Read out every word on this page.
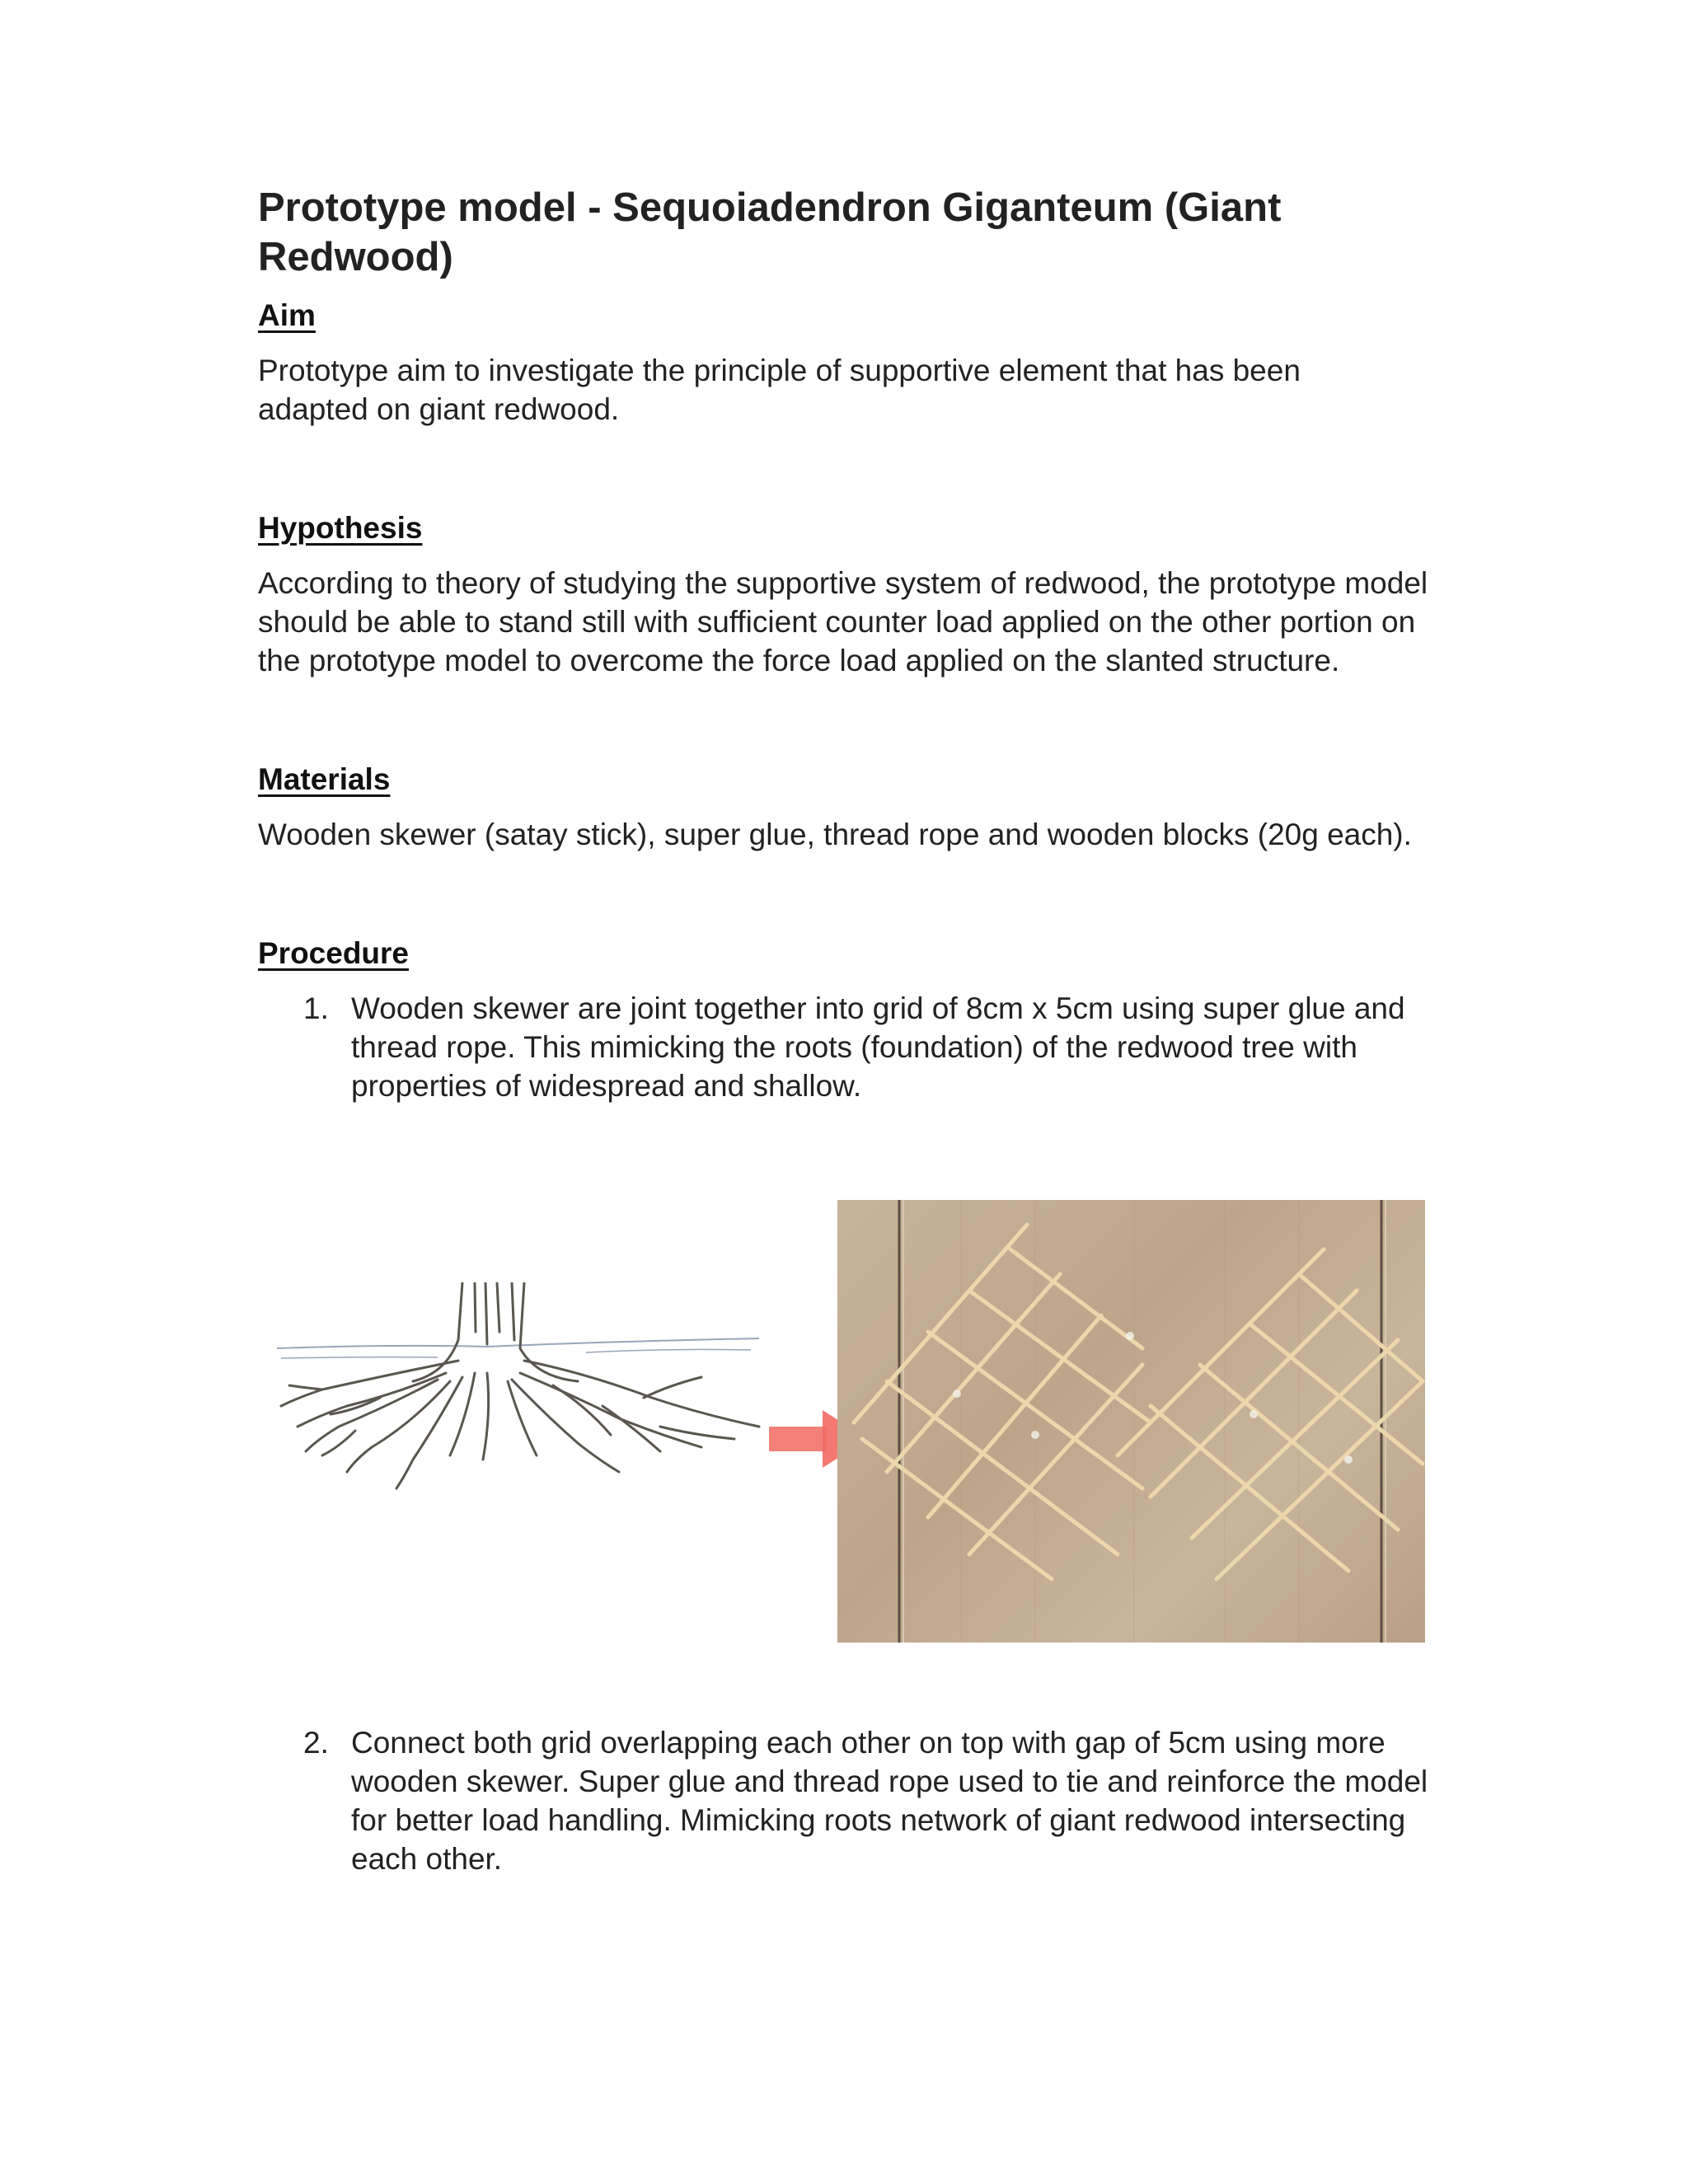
Prototype model - Sequoiadendron Giganteum (Giant Redwood)

Aim

Prototype aim to investigate the principle of supportive element that has been adapted on giant redwood.

Hypothesis

According to theory of studying the supportive system of redwood, the prototype model should be able to stand still with sufficient counter load applied on the other portion on the prototype model to overcome the force load applied on the slanted structure.

Materials

Wooden skewer (satay stick), super glue, thread rope and wooden blocks (20g each).

Procedure

1. Wooden skewer are joint together into grid of 8cm x 5cm using super glue and thread rope. This mimicking the roots (foundation) of the redwood tree with properties of widespread and shallow.
2. Connect both grid overlapping each other on top with gap of 5cm using more wooden skewer. Super glue and thread rope used to tie and reinforce the model for better load handling. Mimicking roots network of giant redwood intersecting each other.
